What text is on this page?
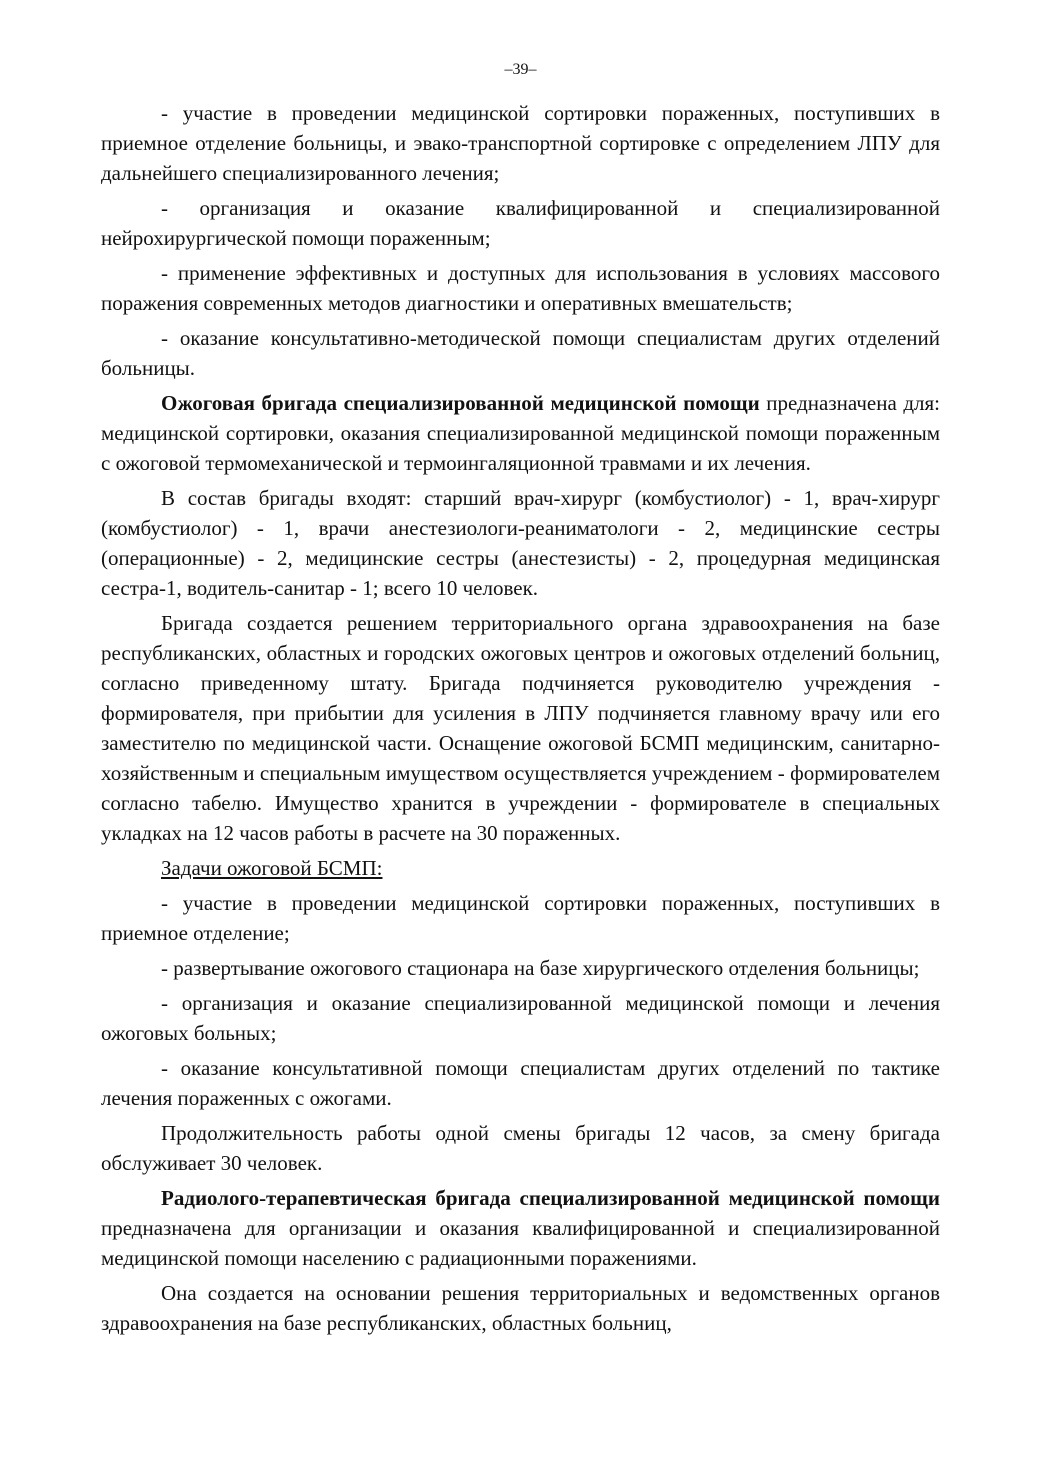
–39–

- участие в проведении медицинской сортировки пораженных, поступивших в приемное отделение больницы, и эвако-транспортной сортировке с определением ЛПУ для дальнейшего специализированного лечения;

- организация и оказание квалифицированной и специализированной нейрохирургической помощи пораженным;

- применение эффективных и доступных для использования в условиях массового поражения современных методов диагностики и оперативных вмешательств;

- оказание консультативно-методической помощи специалистам других отделений больницы.

Ожоговая бригада специализированной медицинской помощи предназначена для: медицинской сортировки, оказания специализированной медицинской помощи пораженным с ожоговой термомеханической и термоингаляционной травмами и их лечения.

В состав бригады входят: старший врач-хирург (комбустиолог) - 1, врач-хирург (комбустиолог) - 1, врачи анестезиологи-реаниматологи - 2, медицинские сестры (операционные) - 2, медицинские сестры (анестезисты) - 2, процедурная медицинская сестра-1, водитель-санитар - 1; всего 10 человек.

Бригада создается решением территориального органа здравоохранения на базе республиканских, областных и городских ожоговых центров и ожоговых отделений больниц, согласно приведенному штату. Бригада подчиняется руководителю учреждения - формирователя, при прибытии для усиления в ЛПУ подчиняется главному врачу или его заместителю по медицинской части. Оснащение ожоговой БСМП медицинским, санитарно-хозяйственным и специальным имуществом осуществляется учреждением - формирователем согласно табелю. Имущество хранится в учреждении - формирователе в специальных укладках на 12 часов работы в расчете на 30 пораженных.

Задачи ожоговой БСМП:

- участие в проведении медицинской сортировки пораженных, поступивших в приемное отделение;

- развертывание ожогового стационара на базе хирургического отделения больницы;

- организация и оказание специализированной медицинской помощи и лечения ожоговых больных;

- оказание консультативной помощи специалистам других отделений по тактике лечения пораженных с ожогами.

Продолжительность работы одной смены бригады 12 часов, за смену бригада обслуживает 30 человек.

Радиолого-терапевтическая бригада специализированной медицинской помощи предназначена для организации и оказания квалифицированной и специализированной медицинской помощи населению с радиационными поражениями.

Она создается на основании решения территориальных и ведомственных органов здравоохранения на базе республиканских, областных больниц,
